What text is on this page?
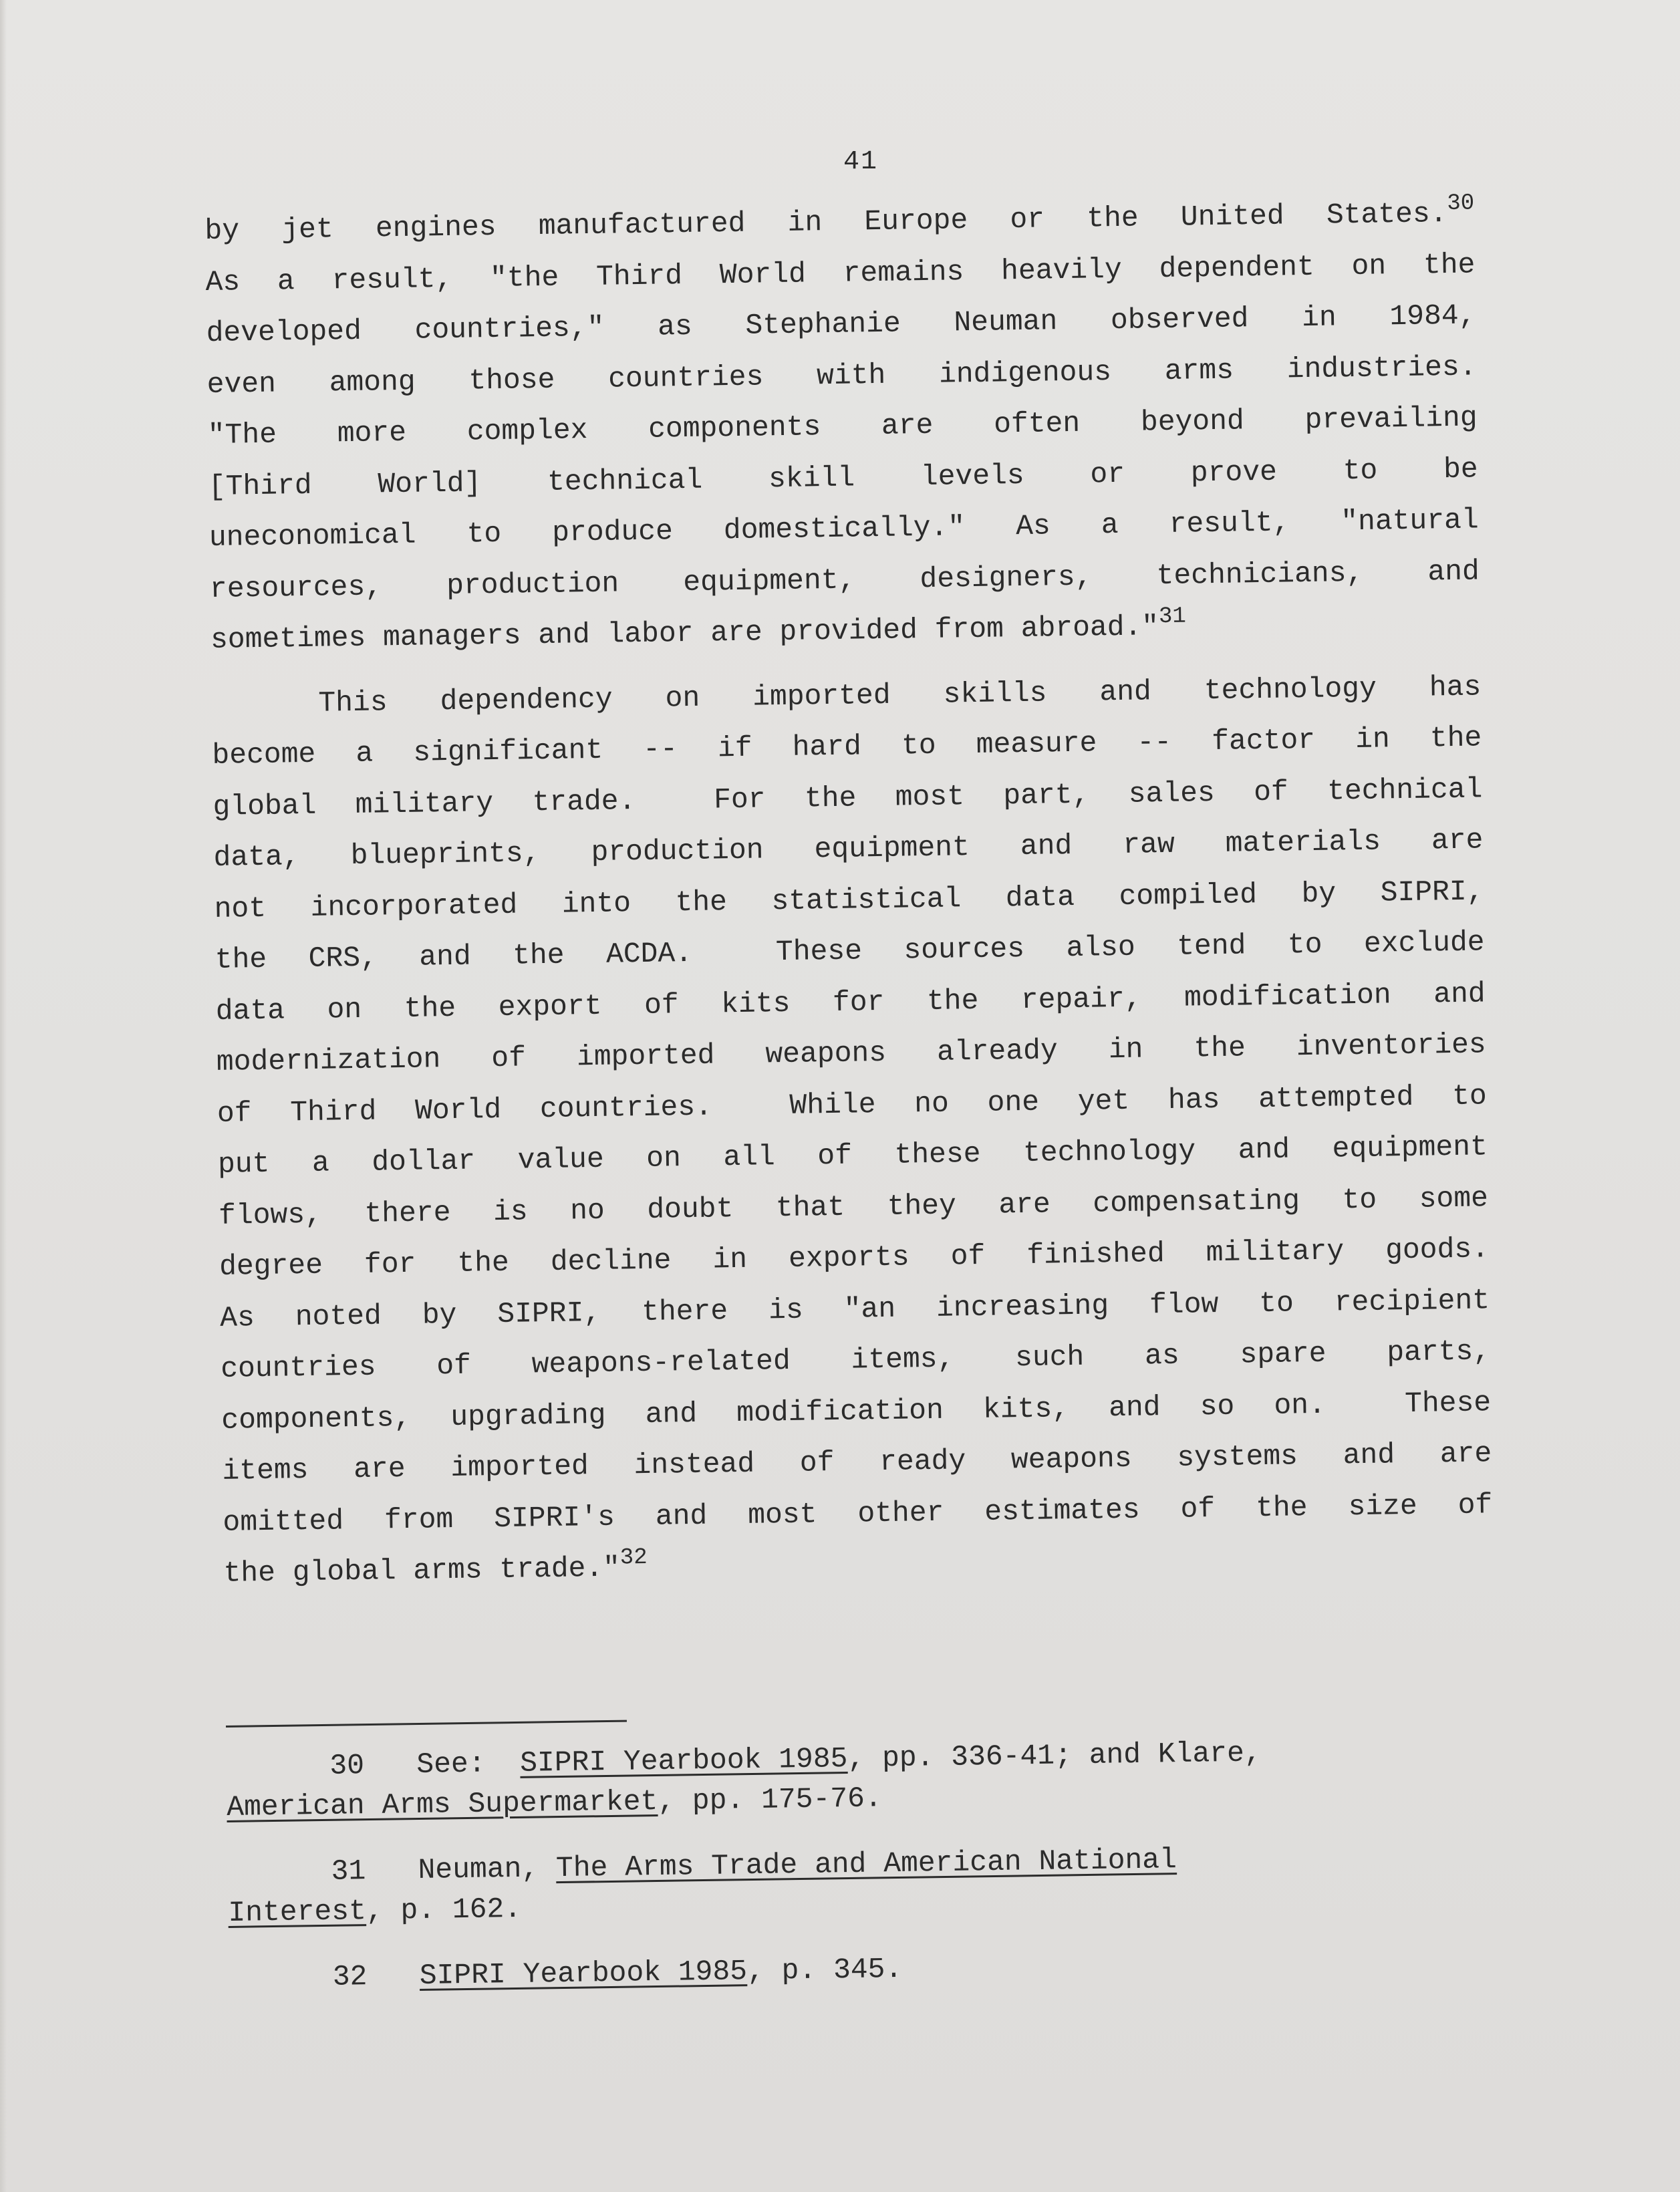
41
by jet engines manufactured in Europe or the United States.$^{30}$
As a result, "the Third World remains heavily dependent on the
developed countries," as Stephanie Neuman observed in 1984,
even among those countries with indigenous arms industries.
"The more complex components are often beyond prevailing
[Third World] technical skill levels or prove to be
uneconomical to produce domestically." As a result, "natural
resources, production equipment, designers, technicians, and
sometimes managers and labor are provided from abroad."$^{31}$
This dependency on imported skills and technology has
become a significant -- if hard to measure -- factor in the
global military trade.  For the most part, sales of technical
data, blueprints, production equipment and raw materials are
not incorporated into the statistical data compiled by SIPRI,
the CRS, and the ACDA.  These sources also tend to exclude
data on the export of kits for the repair, modification and
modernization of imported weapons already in the inventories
of Third World countries.  While no one yet has attempted to
put a dollar value on all of these technology and equipment
flows, there is no doubt that they are compensating to some
degree for the decline in exports of finished military goods.
As noted by SIPRI, there is "an increasing flow to recipient
countries of weapons-related items, such as spare parts,
components, upgrading and modification kits, and so on.  These
items are imported instead of ready weapons systems and are
omitted from SIPRI's and most other estimates of the size of
the global arms trade."$^{32}$
30 See:  SIPRI Yearbook 1985, pp. 336-41; and Klare,
American Arms Supermarket, pp. 175-76.
31 Neuman, The Arms Trade and American National
Interest, p. 162.
32 SIPRI Yearbook 1985, p. 345.
